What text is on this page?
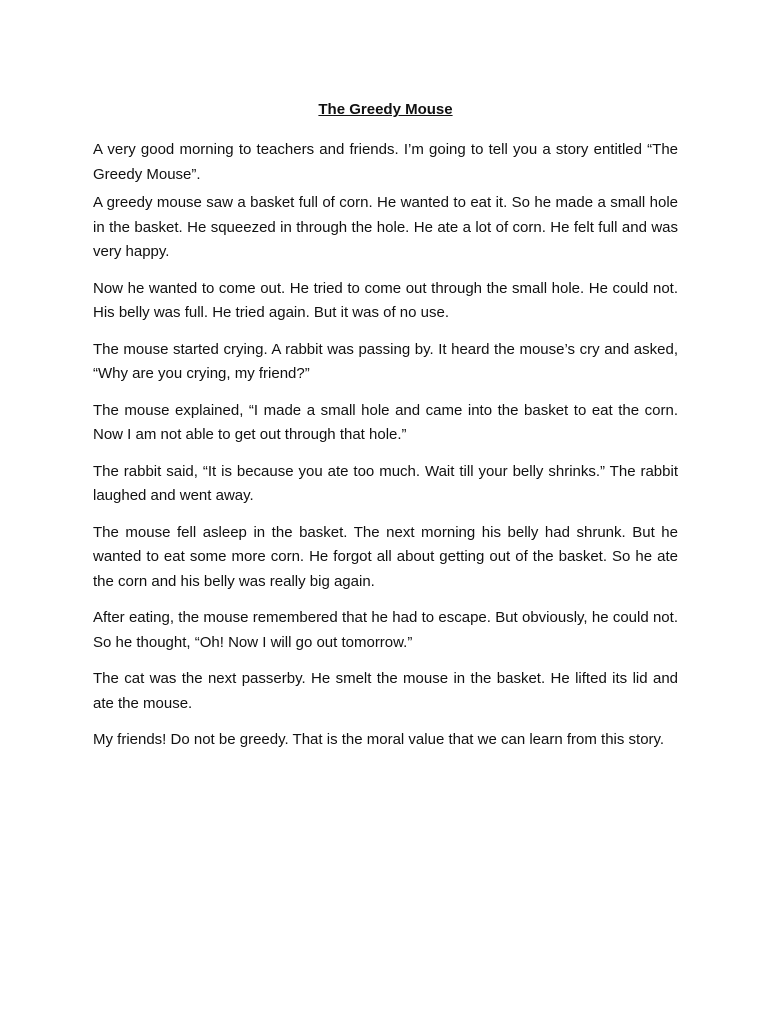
The Greedy Mouse

A very good morning to teachers and friends. I’m going to tell you a story entitled “The Greedy Mouse”.

A greedy mouse saw a basket full of corn. He wanted to eat it. So he made a small hole in the basket. He squeezed in through the hole. He ate a lot of corn. He felt full and was very happy.

Now he wanted to come out. He tried to come out through the small hole. He could not. His belly was full. He tried again. But it was of no use.

The mouse started crying. A rabbit was passing by. It heard the mouse’s cry and asked, “Why are you crying, my friend?”

The mouse explained, “I made a small hole and came into the basket to eat the corn. Now I am not able to get out through that hole.”

The rabbit said, “It is because you ate too much. Wait till your belly shrinks.” The rabbit laughed and went away.

The mouse fell asleep in the basket. The next morning his belly had shrunk. But he wanted to eat some more corn. He forgot all about getting out of the basket. So he ate the corn and his belly was really big again.

After eating, the mouse remembered that he had to escape. But obviously, he could not. So he thought, “Oh! Now I will go out tomorrow.”

The cat was the next passerby. He smelt the mouse in the basket. He lifted its lid and ate the mouse.

My friends! Do not be greedy. That is the moral value that we can learn from this story.
